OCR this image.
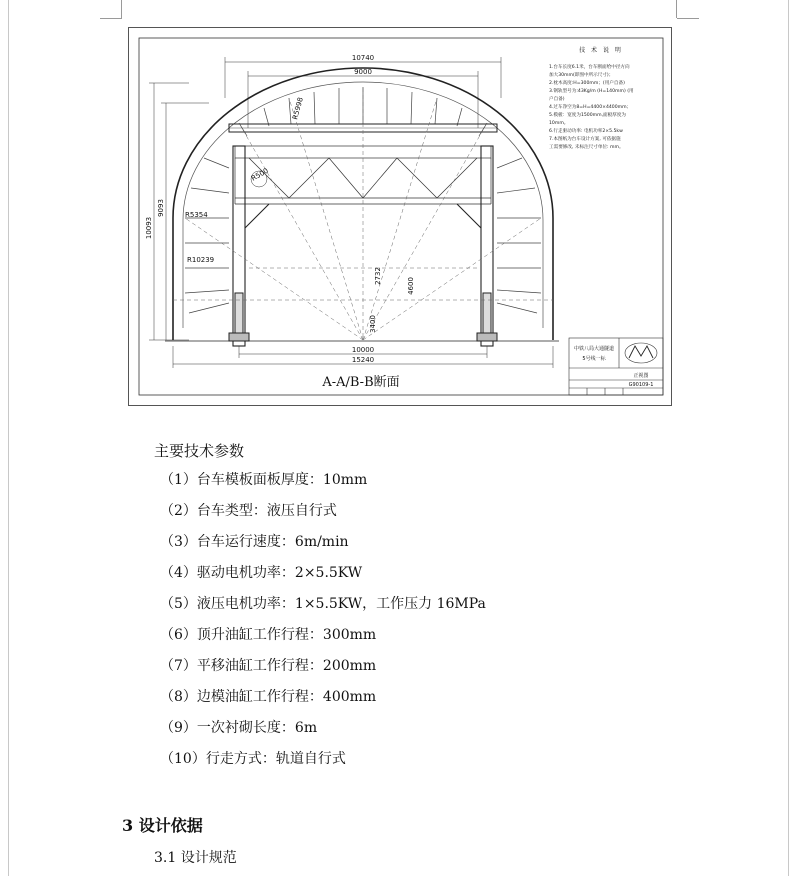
10740
9000
10093
9093
R5998
R500
R5354
R10239
2732
4600
3400
10000
15240
A-A/B-B断面
技 术 说 明
1.台车长度6.1米，台车断面给中径方向
加大30mm(即图中所示尺寸)；
2.枕木高度:H=300mm；(用户自备)
3.钢轨型号为:43Kg/m (H=140mm) (用
户自备)
4.过车净空为8=H=4400×4400mm；
5.模板：宽度为1500mm,面板厚度为
10mm。
6.行走驱动功率: 电机功率2×5.5kw
7.本图纸为台车设计方案, 可依据施
工需要修改, 未标注尺寸单位: mm。
中铁八局大通隧道
5号线一标
正视图
G90109-1
主要技术参数
（1）台车模板面板厚度：10mm
（2）台车类型：液压自行式
（3）台车运行速度：6m/min
（4）驱动电机功率：2×5.5KW
（5）液压电机功率：1×5.5KW，工作压力 16MPa
（6）顶升油缸工作行程：300mm
（7）平移油缸工作行程：200mm
（8）边模油缸工作行程：400mm
（9）一次衬砌长度：6m
（10）行走方式：轨道自行式
3 设计依据
3.1 设计规范
